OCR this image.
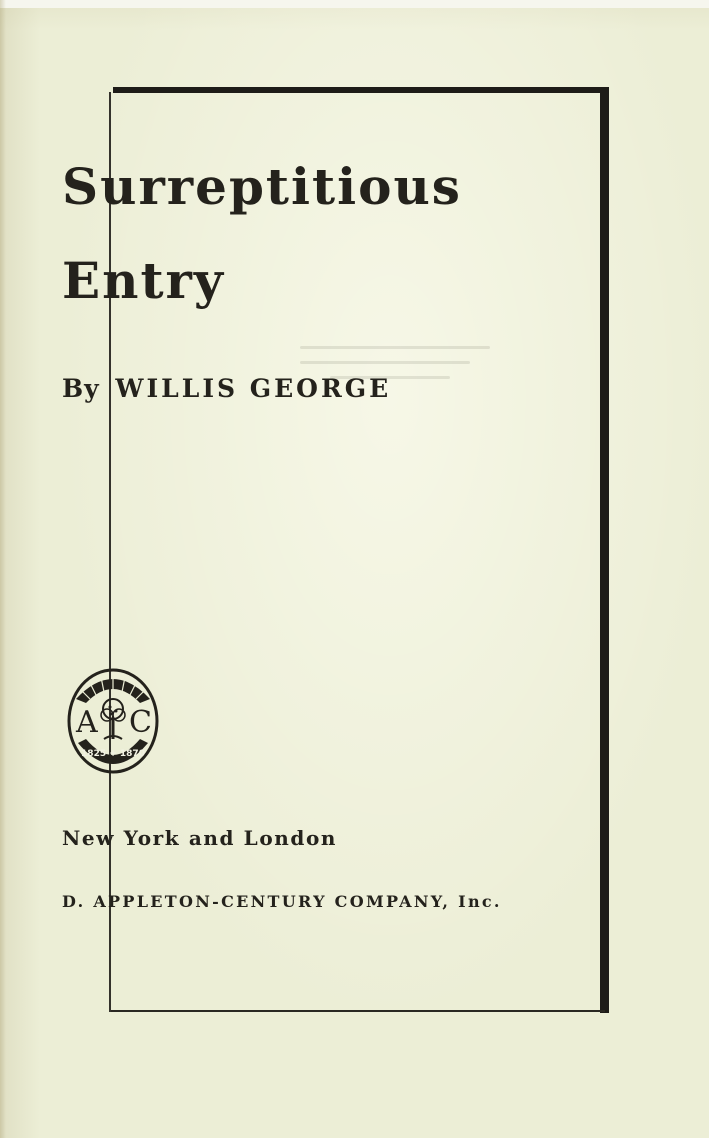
Surreptitious
Entry

By WILLIS GEORGE

A C
1825 + 1870

New York and London

D. APPLETON-CENTURY COMPANY, Inc.
